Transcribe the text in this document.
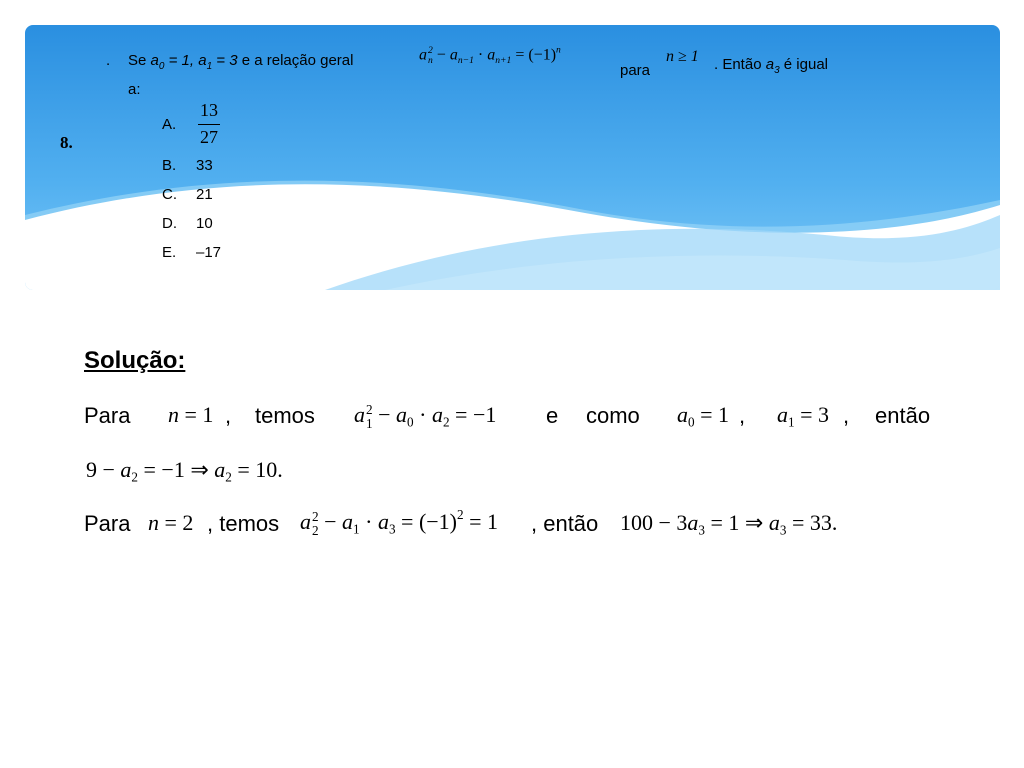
8.
. Se $a_0 = 1$, $a_1 = 3$ e a relação geral	a 2
$n - a_{n-1} \cdot a_{n+1} = (-1)^n$
para
n ≥ 1 . Então $a_3$ é igual
a:
A. $\frac{13}{27}$
B. 33
C. 21
D. 10
E. –17
Solução:
Para n = 1 , temos a 2
$1 - a_0 \cdot a_2 = -1$ e como $a_0 = 1$ , $a_1 = 3$ , então
$9 - a_2 = -1$ ⇒ $a_2 = 10$.
Para n = 2 , temos a 2
$2 - a_1 \cdot a_3 = (-1)^2 = 1$ , então $100 - 3a_3 = 1$ ⇒ $a_3 = 33$.
